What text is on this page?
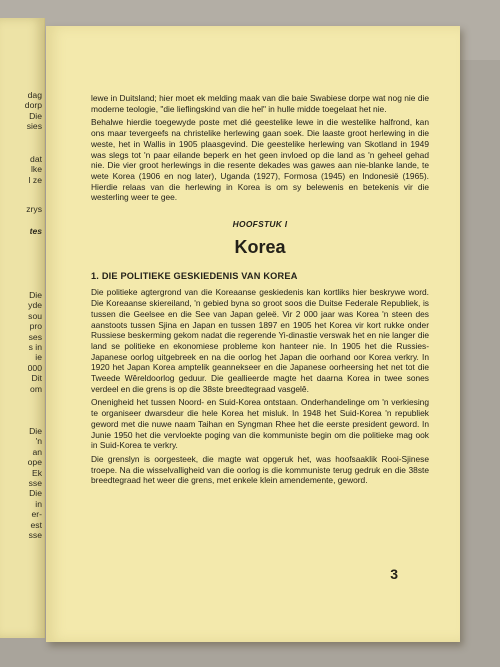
dag
dorp
Die
sies
dat
lke
l ze
zrys
tes
Die
yde
sou
pro
ses
s in
ie
000
Dit
om
Die
'n
an
ope
Ek
sse
Die
in
er-
est
sse

lewe in Duitsland; hier moet ek melding maak van die baie Swabiese dorpe wat nog nie die moderne teologie, "die lieflingskind van die hel" in hulle midde toegelaat het nie.

Behalwe hierdie toegewyde poste met dié geestelike lewe in die westelike halfrond, kan ons maar tevergeefs na christelike herlewing gaan soek. Die laaste groot herlewing in die weste, het in Wallis in 1905 plaasgevind. Die geestelike herlewing van Skotland in 1949 was slegs tot 'n paar eilande beperk en het geen invloed op die land as 'n geheel gehad nie. Die vier groot herlewings in die resente dekades was gawes aan nie-blanke lande, te wete Korea (1906 en nog later), Uganda (1927), Formosa (1945) en Indonesië (1965). Hierdie relaas van die herlewing in Korea is om sy belewenis en betekenis vir die westerling weer te gee.

HOOFSTUK I
Korea
1. DIE POLITIEKE GESKIEDENIS VAN KOREA

Die politieke agtergrond van die Koreaanse geskiedenis kan kortliks hier beskrywe word. Die Koreaanse skiereiland, 'n gebied byna so groot soos die Duitse Federale Republiek, is tussen die Geelsee en die See van Japan geleë. Vir 2 000 jaar was Korea 'n steen des aanstoots tussen Sjina en Japan en tussen 1897 en 1905 het Korea vir kort rukke onder Russiese beskerming gekom nadat die regerende Yi-dinastie verswak het en nie langer die land se politieke en ekonomiese probleme kon hanteer nie. In 1905 het die Russies-Japanese oorlog uitgebreek en na die oorlog het Japan die oorhand oor Korea verkry. In 1920 het Japan Korea amptelik geannekseer en die Japanese oorheersing het net tot die Tweede Wêreldoorlog geduur. Die geallieerde magte het daarna Korea in twee sones verdeel en die grens is op die 38ste breedtegraad vasgelê.

Onenigheid het tussen Noord- en Suid-Korea ontstaan. Onderhandelinge om 'n verkiesing te organiseer dwarsdeur die hele Korea het misluk. In 1948 het Suid-Korea 'n republiek geword met die nuwe naam Taihan en Syngman Rhee het die eerste president geword. In Junie 1950 het die vervloekte poging van die kommuniste begin om die politieke mag ook in Suid-Korea te verkry.

Die grenslyn is oorgesteek, die magte wat opgeruk het, was hoofsaaklik Rooi-Sjinese troepe. Na die wisselvalligheid van die oorlog is die kommuniste terug gedruk en die 38ste breedtegraad het weer die grens, met enkele klein amendemente, geword.

3
